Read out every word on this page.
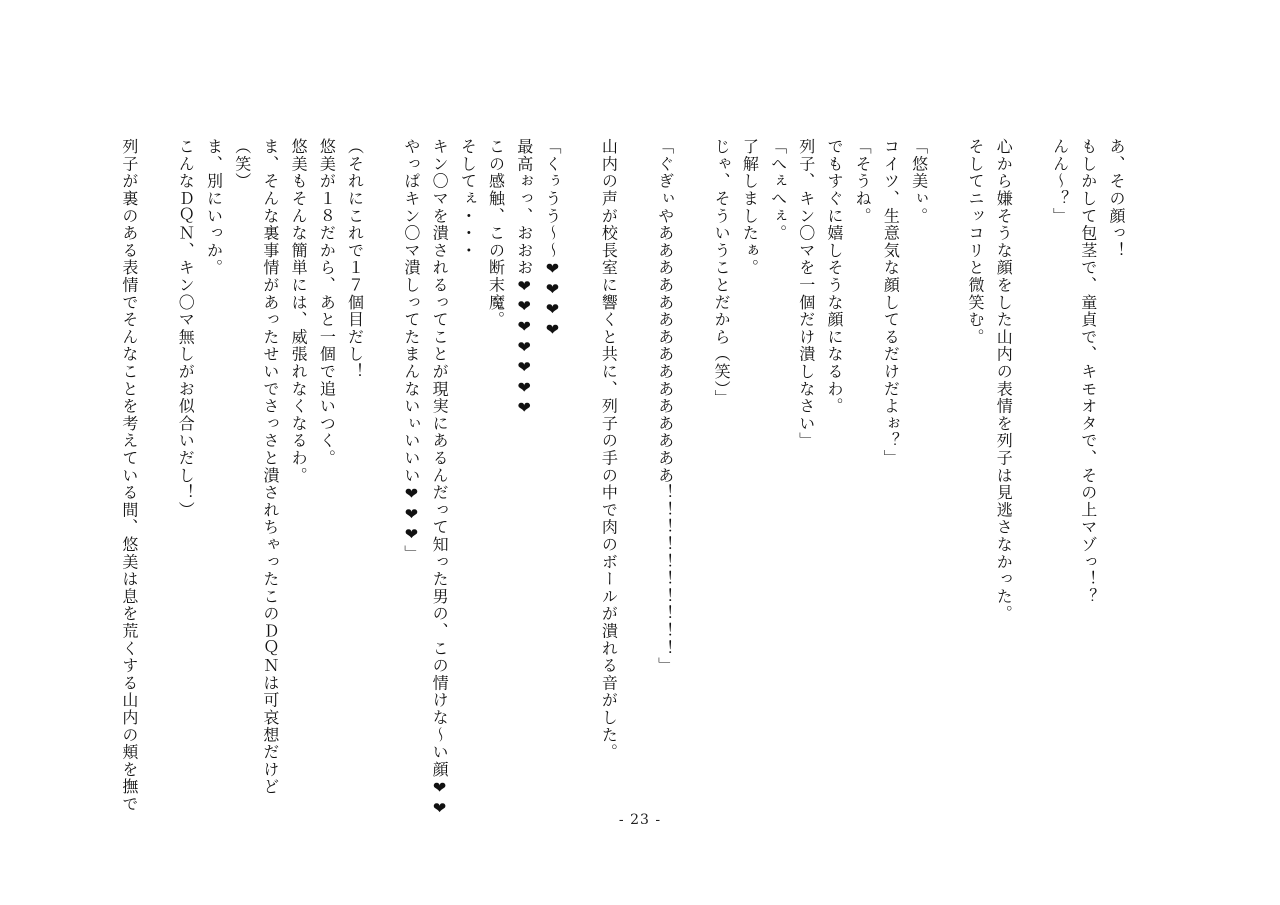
あ、その顔っ！
もしかして包茎で、童貞で、キモオタで、その上マゾっ！？
んん～？」

心から嫌そうな顔をした山内の表情を列子は見逃さなかった。
そしてニッコリと微笑む。

「悠美ぃ。
コイツ、生意気な顔してるだけだよぉ？」
「そうね。
でもすぐに嬉しそうな顔になるわ。
列子、キン〇マを一個だけ潰しなさい」
「へぇへぇ。
了解しましたぁ。
じゃ、そういうことだから（笑）」

「ぐぎぃやあああああああああああああああ！！！！！！！！！！」

山内の声が校長室に響くと共に、列子の手の中で肉のボールが潰れる音がした。

「くぅうう～～❤❤❤❤
最高ぉっ、おおお❤❤❤❤❤❤❤
この感触、この断末魔。
そしてぇ・・・
キン〇マを潰されるってことが現実にあるんだって知った男の、この情けな～い顔❤❤
やっぱキン〇マ潰しってたまんないぃいいい❤❤❤」

（それにこれで１７個目だし！
悠美が１８だから、あと一個で追いつく。
悠美もそんな簡単には、威張れなくなるわ。
ま、そんな裏事情があったせいでさっさと潰されちゃったこのＤＱＮは可哀想だけど
（笑）
ま、別にいっか。
こんなＤＱＮ、キン〇マ無しがお似合いだし！）

列子が裏のある表情でそんなことを考えている間、悠美は息を荒くする山内の頬を撫で
- 23 -
